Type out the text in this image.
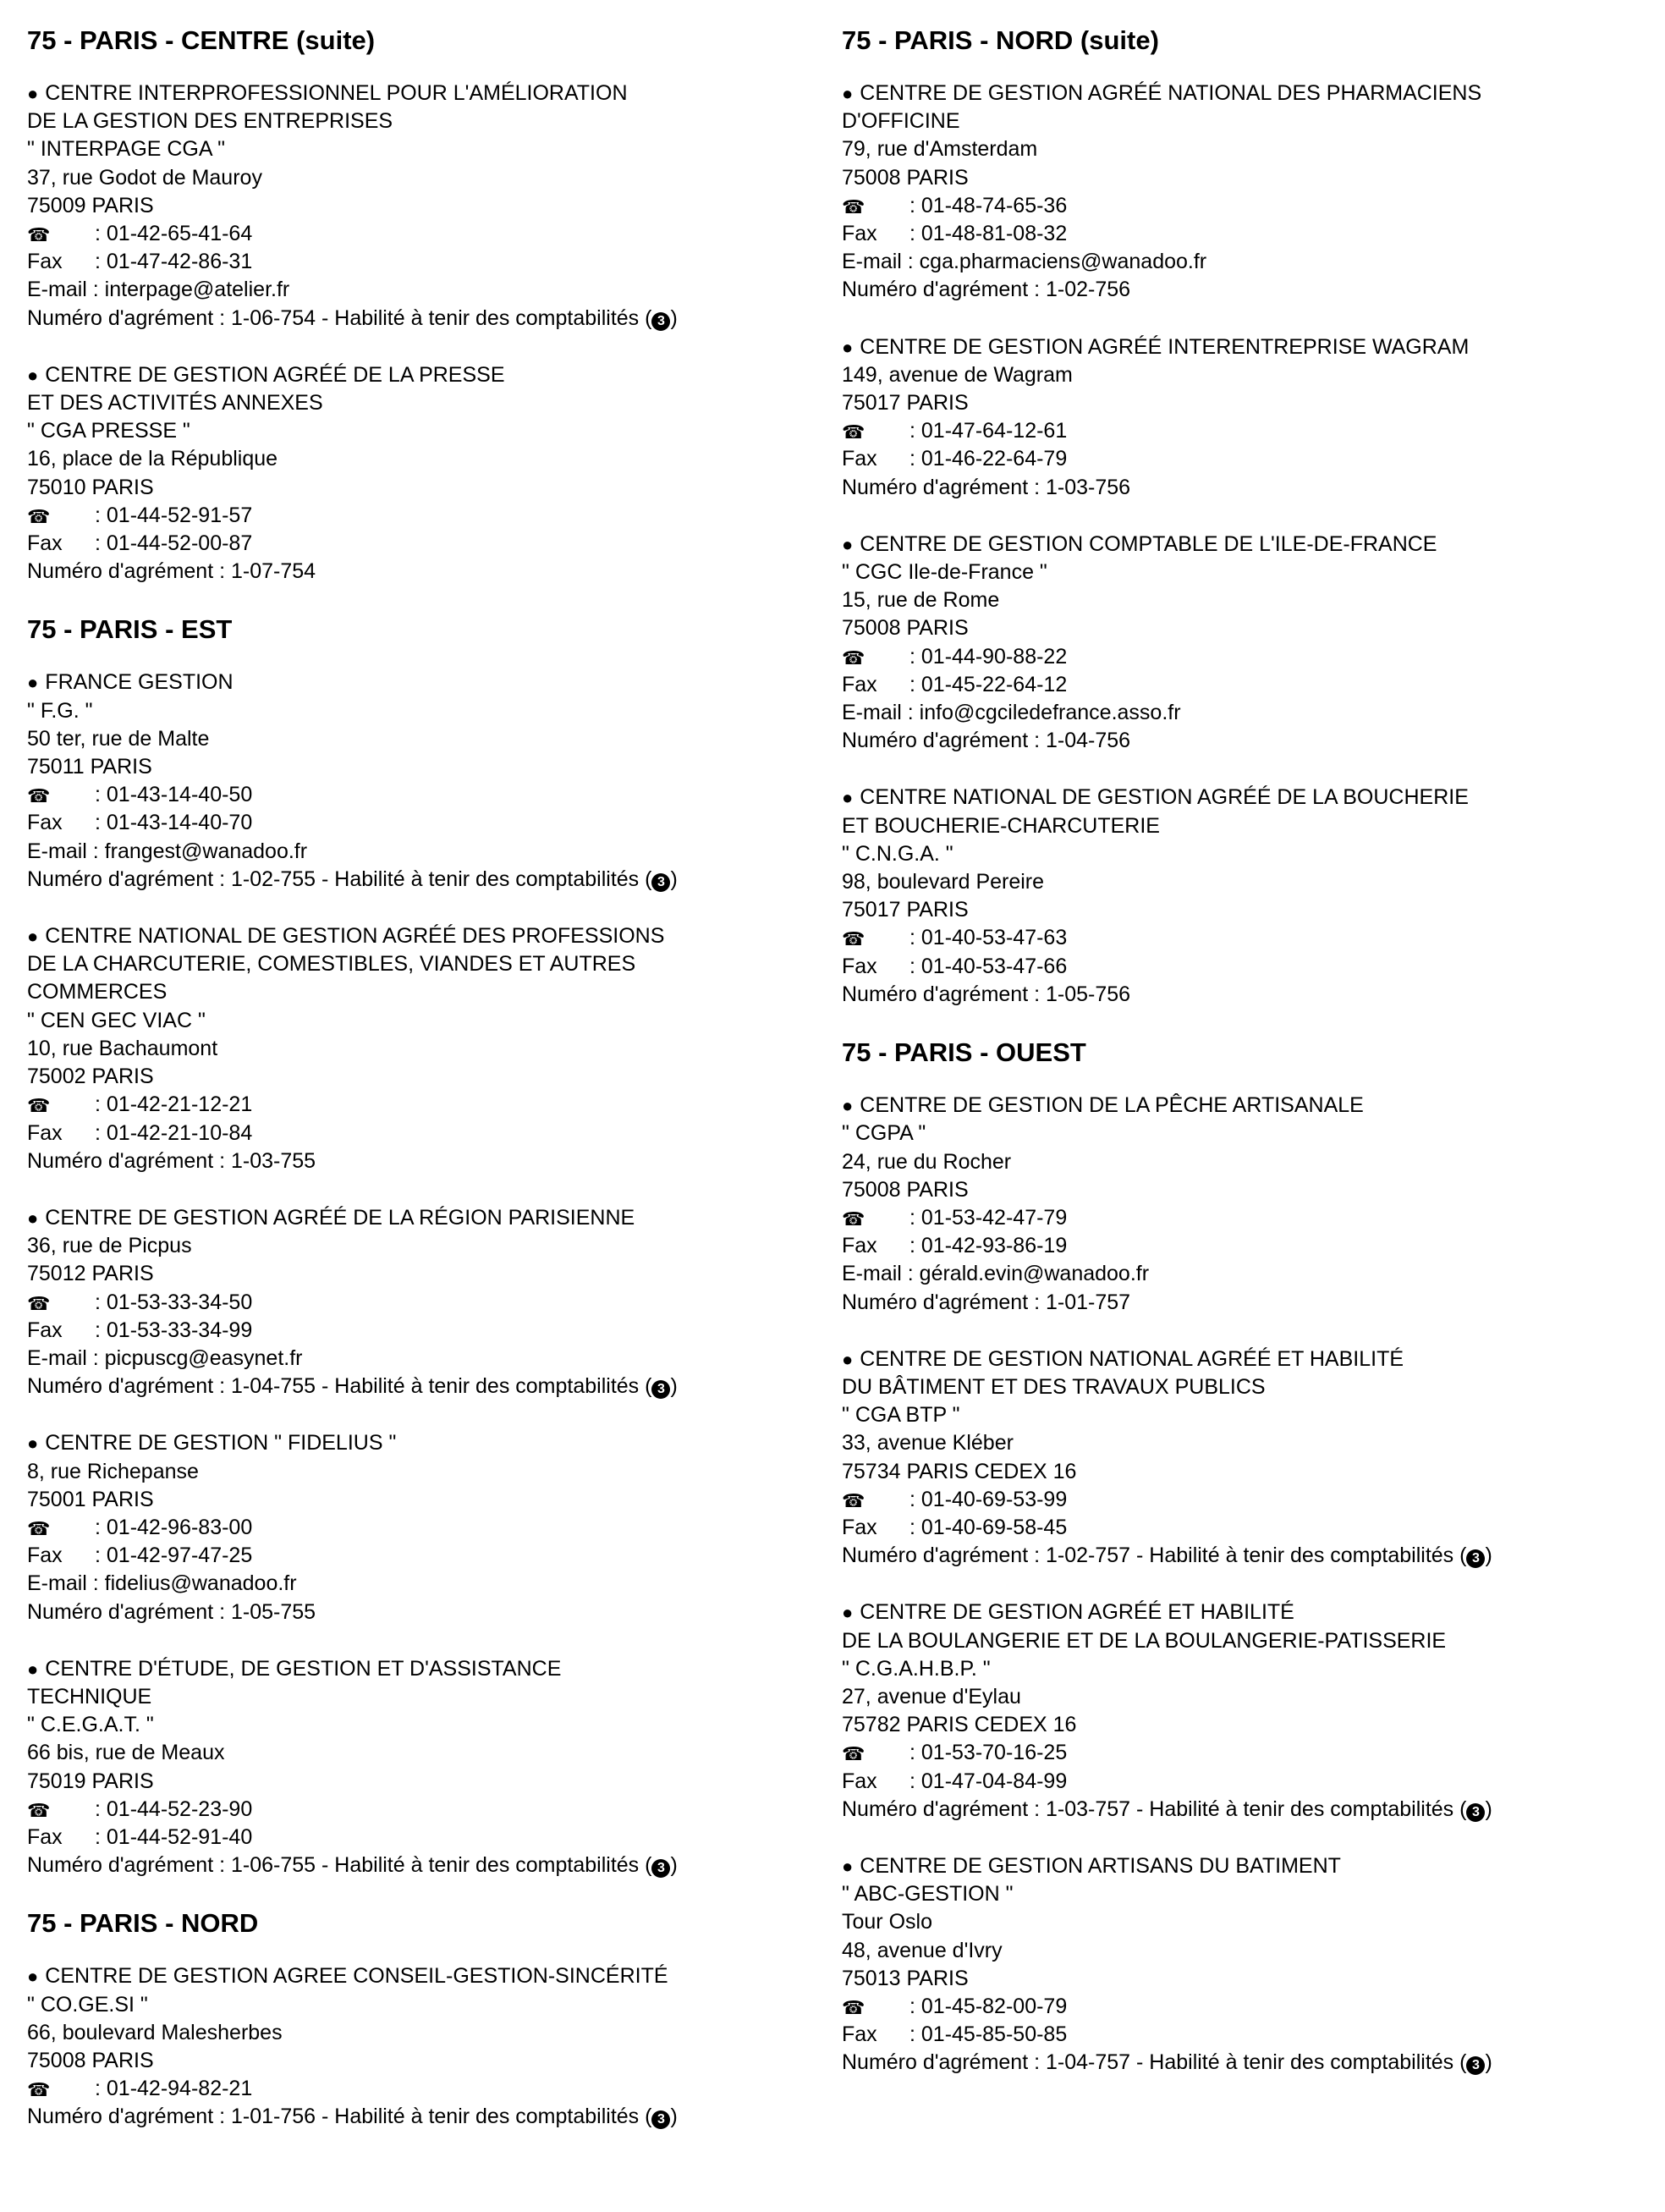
75 - PARIS - CENTRE (suite)
● CENTRE INTERPROFESSIONNEL POUR L'AMÉLIORATION
DE LA GESTION DES ENTREPRISES
" INTERPAGE CGA "
37, rue Godot de Mauroy
75009 PARIS
☎ : 01-42-65-41-64
Fax : 01-47-42-86-31
E-mail : interpage@atelier.fr
Numéro d'agrément : 1-06-754 - Habilité à tenir des comptabilités ( 3 )
● CENTRE DE GESTION AGRÉÉ DE LA PRESSE
ET DES ACTIVITÉS ANNEXES
" CGA PRESSE "
16, place de la République
75010 PARIS
☎ : 01-44-52-91-57
Fax : 01-44-52-00-87
Numéro d'agrément : 1-07-754
75 - PARIS - EST
● FRANCE GESTION
" F.G. "
50 ter, rue de Malte
75011 PARIS
☎ : 01-43-14-40-50
Fax : 01-43-14-40-70
E-mail : frangest@wanadoo.fr
Numéro d'agrément : 1-02-755 - Habilité à tenir des comptabilités ( 3 )
● CENTRE NATIONAL DE GESTION AGRÉÉ DES PROFESSIONS
DE LA CHARCUTERIE, COMESTIBLES, VIANDES ET AUTRES
COMMERCES
" CEN GEC VIAC "
10, rue Bachaumont
75002 PARIS
☎ : 01-42-21-12-21
Fax : 01-42-21-10-84
Numéro d'agrément : 1-03-755
● CENTRE DE GESTION AGRÉÉ DE LA RÉGION PARISIENNE
36, rue de Picpus
75012 PARIS
☎ : 01-53-33-34-50
Fax : 01-53-33-34-99
E-mail : picpuscg@easynet.fr
Numéro d'agrément : 1-04-755 - Habilité à tenir des comptabilités ( 3 )
● CENTRE DE GESTION " FIDELIUS "
8, rue Richepanse
75001 PARIS
☎ : 01-42-96-83-00
Fax : 01-42-97-47-25
E-mail : fidelius@wanadoo.fr
Numéro d'agrément : 1-05-755
● CENTRE D'ÉTUDE, DE GESTION ET D'ASSISTANCE
TECHNIQUE
" C.E.G.A.T. "
66 bis, rue de Meaux
75019 PARIS
☎ : 01-44-52-23-90
Fax : 01-44-52-91-40
Numéro d'agrément : 1-06-755 - Habilité à tenir des comptabilités ( 3 )
75 - PARIS - NORD
● CENTRE DE GESTION AGREE CONSEIL-GESTION-SINCÉRITÉ
" CO.GE.SI "
66, boulevard Malesherbes
75008 PARIS
☎ : 01-42-94-82-21
Numéro d'agrément : 1-01-756 - Habilité à tenir des comptabilités ( 3 )
75 - PARIS - NORD (suite)
● CENTRE DE GESTION AGRÉÉ NATIONAL DES PHARMACIENS
D'OFFICINE
79, rue d'Amsterdam
75008 PARIS
☎ : 01-48-74-65-36
Fax : 01-48-81-08-32
E-mail : cga.pharmaciens@wanadoo.fr
Numéro d'agrément : 1-02-756
● CENTRE DE GESTION AGRÉÉ INTERENTREPRISE WAGRAM
149, avenue de Wagram
75017 PARIS
☎ : 01-47-64-12-61
Fax : 01-46-22-64-79
Numéro d'agrément : 1-03-756
● CENTRE DE GESTION COMPTABLE DE L'ILE-DE-FRANCE
" CGC Ile-de-France "
15, rue de Rome
75008 PARIS
☎ : 01-44-90-88-22
Fax : 01-45-22-64-12
E-mail : info@cgciledefrance.asso.fr
Numéro d'agrément : 1-04-756
● CENTRE NATIONAL DE GESTION AGRÉÉ DE LA BOUCHERIE
ET BOUCHERIE-CHARCUTERIE
" C.N.G.A. "
98, boulevard Pereire
75017 PARIS
☎ : 01-40-53-47-63
Fax : 01-40-53-47-66
Numéro d'agrément : 1-05-756
75 - PARIS - OUEST
● CENTRE DE GESTION DE LA PÊCHE ARTISANALE
" CGPA "
24, rue du Rocher
75008 PARIS
☎ : 01-53-42-47-79
Fax : 01-42-93-86-19
E-mail : gérald.evin@wanadoo.fr
Numéro d'agrément : 1-01-757
● CENTRE DE GESTION NATIONAL AGRÉÉ ET HABILITÉ
DU BÂTIMENT ET DES TRAVAUX PUBLICS
" CGA BTP "
33, avenue Kléber
75734 PARIS CEDEX 16
☎ : 01-40-69-53-99
Fax : 01-40-69-58-45
Numéro d'agrément : 1-02-757 - Habilité à tenir des comptabilités ( 3 )
● CENTRE DE GESTION AGRÉÉ ET HABILITÉ
DE LA BOULANGERIE ET DE LA BOULANGERIE-PATISSERIE
" C.G.A.H.B.P. "
27, avenue d'Eylau
75782 PARIS CEDEX 16
☎ : 01-53-70-16-25
Fax : 01-47-04-84-99
Numéro d'agrément : 1-03-757 - Habilité à tenir des comptabilités ( 3 )
● CENTRE DE GESTION ARTISANS DU BATIMENT
" ABC-GESTION "
Tour Oslo
48, avenue d'Ivry
75013 PARIS
☎ : 01-45-82-00-79
Fax : 01-45-85-50-85
Numéro d'agrément : 1-04-757 - Habilité à tenir des comptabilités ( 3 )
